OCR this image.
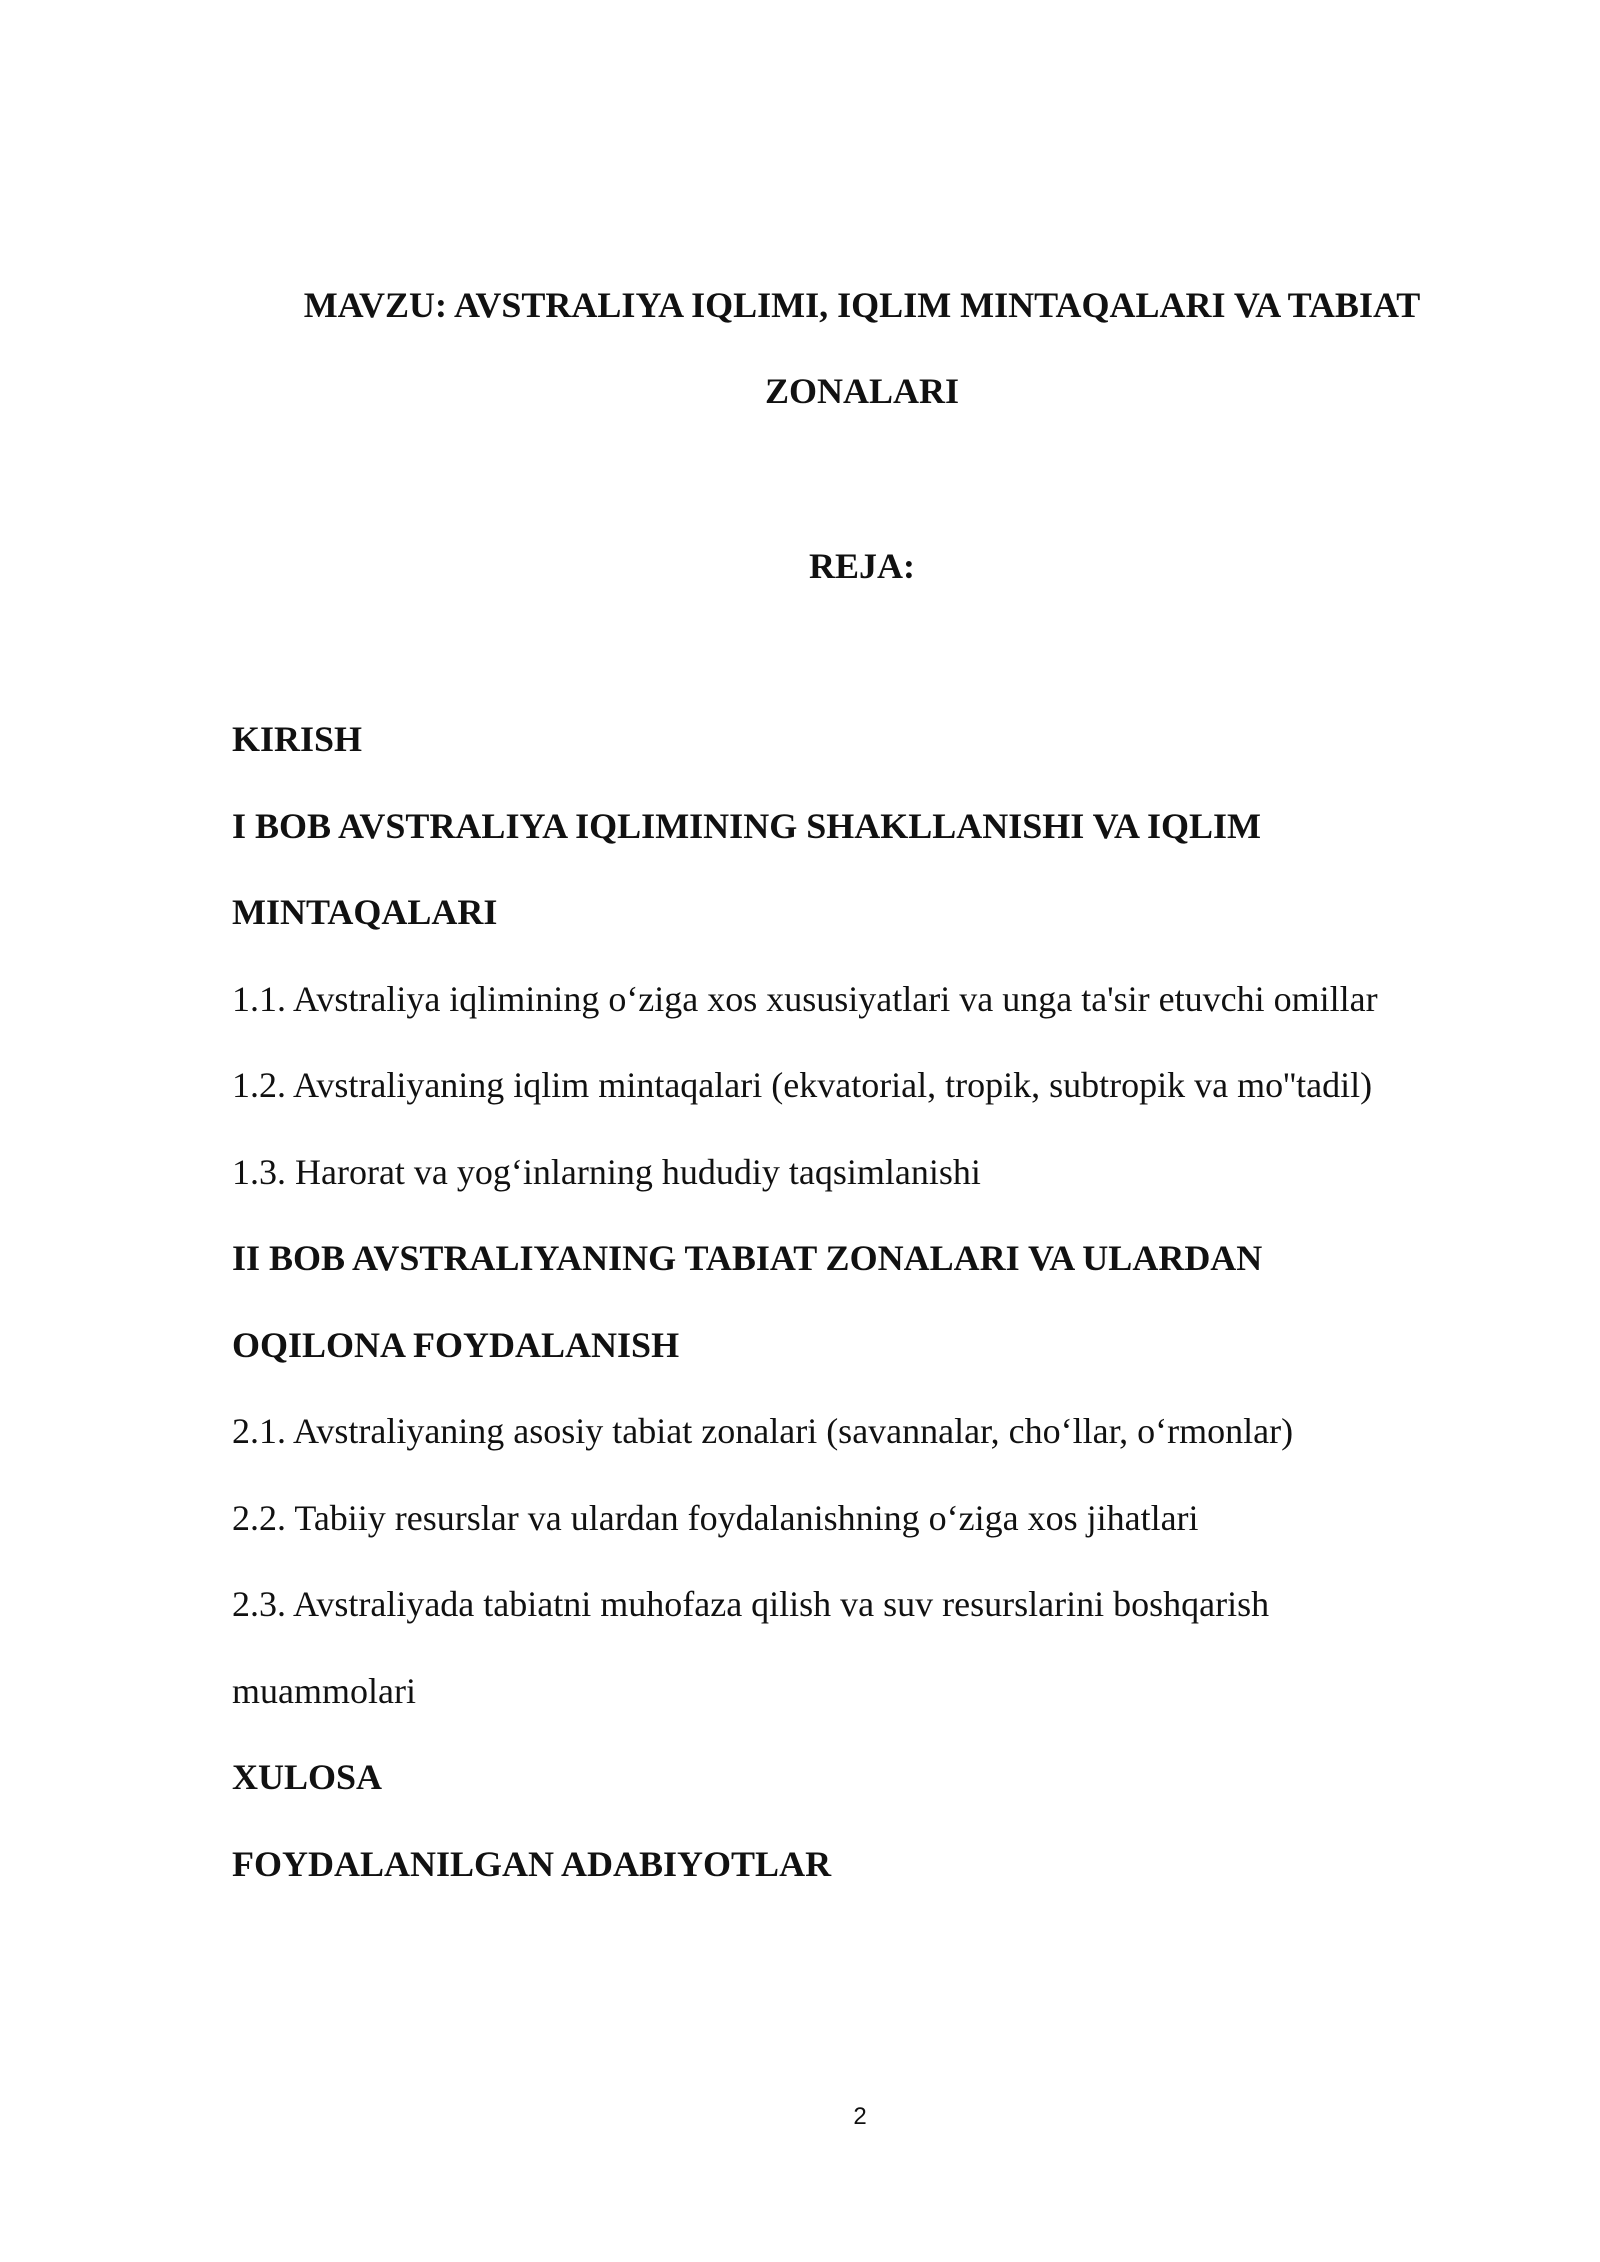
MAVZU: AVSTRALIYA IQLIMI, IQLIM MINTAQALARI VA TABIAT
ZONALARI
REJA:
KIRISH
I BOB AVSTRALIYA IQLIMINING SHAKLLANISHI VA IQLIM
MINTAQALARI
1.1. Avstraliya iqlimining o‘ziga xos xususiyatlari va unga ta'sir etuvchi omillar
1.2. Avstraliyaning iqlim mintaqalari (ekvatorial, tropik, subtropik va mo''tadil)
1.3. Harorat va yog‘inlarning hududiy taqsimlanishi
II BOB AVSTRALIYANING TABIAT ZONALARI VA ULARDAN
OQILONA FOYDALANISH
2.1. Avstraliyaning asosiy tabiat zonalari (savannalar, cho‘llar, o‘rmonlar)
2.2. Tabiiy resurslar va ulardan foydalanishning o‘ziga xos jihatlari
2.3. Avstraliyada tabiatni muhofaza qilish va suv resurslarini boshqarish
muammolari
XULOSA
FOYDALANILGAN ADABIYOTLAR
2
